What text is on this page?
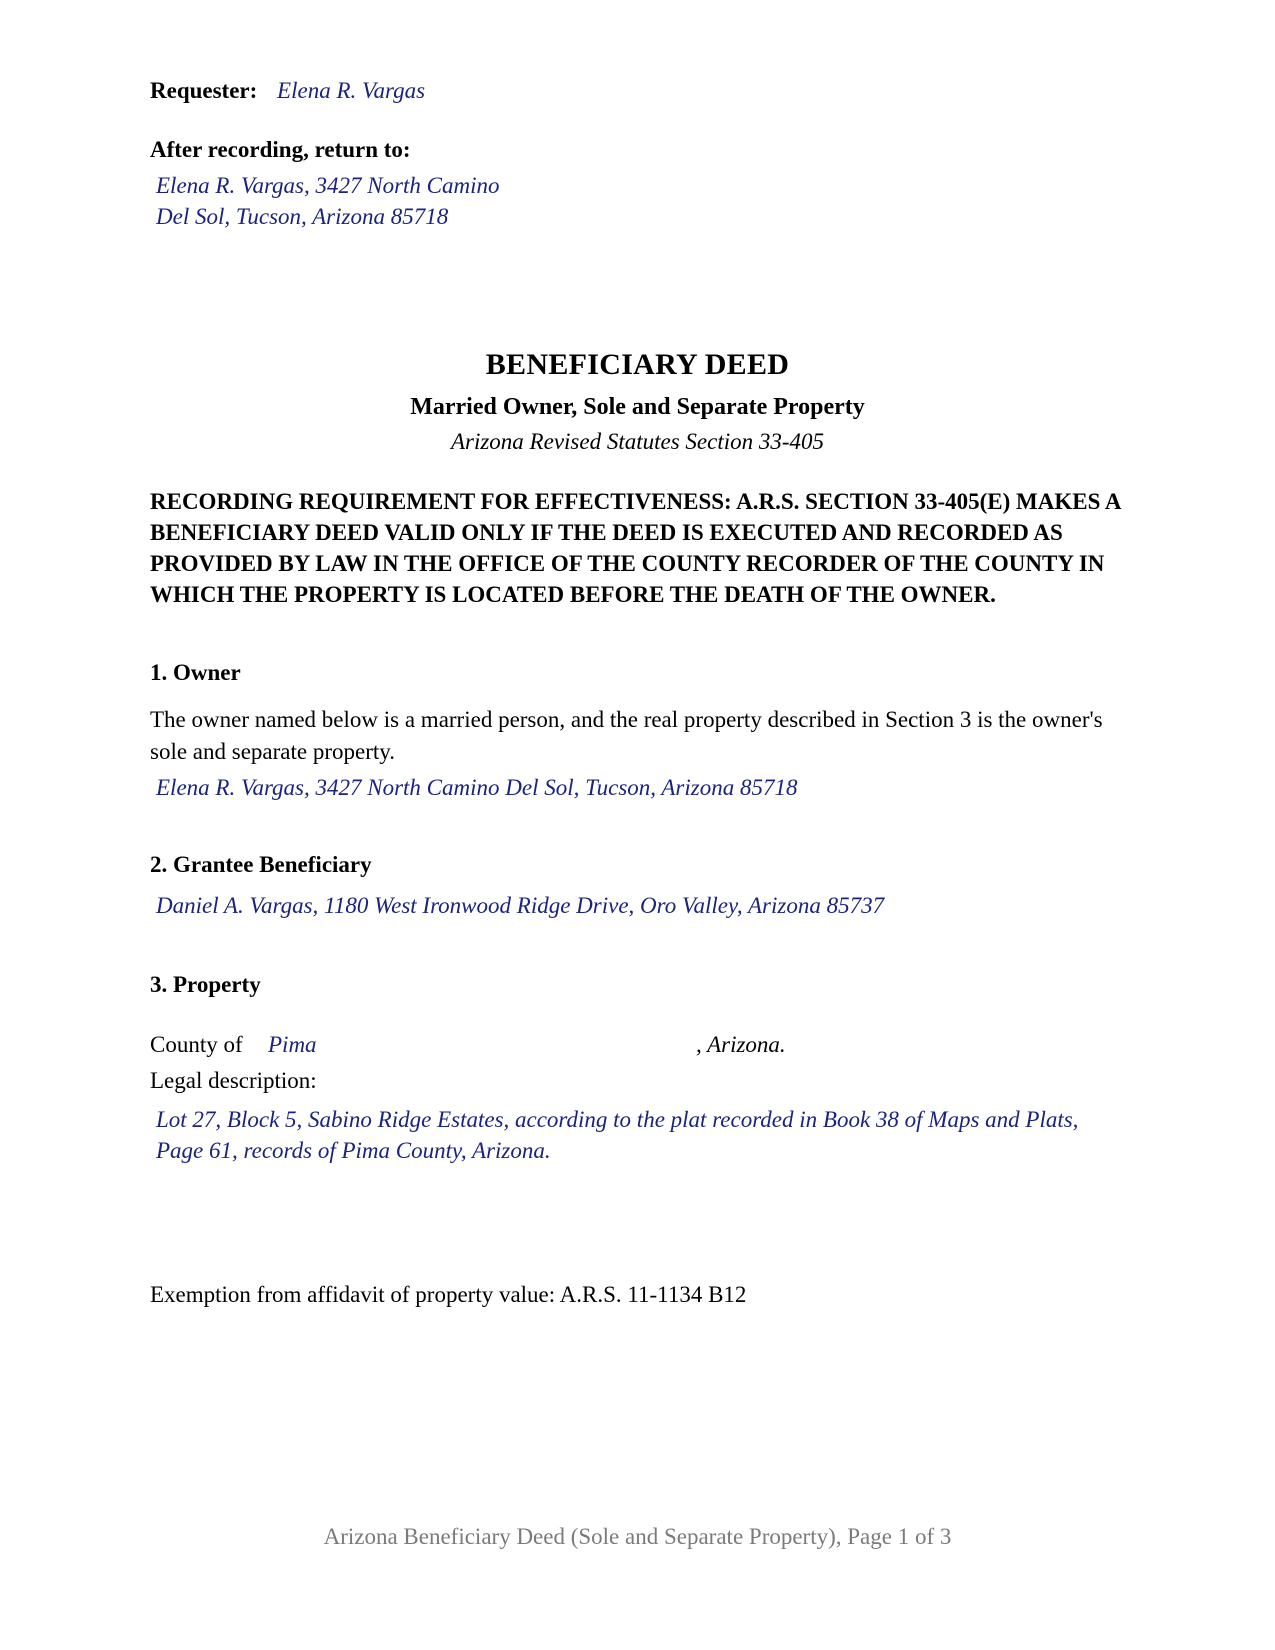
Requester: Elena R. Vargas
After recording, return to:
Elena R. Vargas, 3427 North Camino Del Sol, Tucson, Arizona 85718
BENEFICIARY DEED
Married Owner, Sole and Separate Property
Arizona Revised Statutes Section 33-405
RECORDING REQUIREMENT FOR EFFECTIVENESS: A.R.S. SECTION 33-405(E) MAKES A BENEFICIARY DEED VALID ONLY IF THE DEED IS EXECUTED AND RECORDED AS PROVIDED BY LAW IN THE OFFICE OF THE COUNTY RECORDER OF THE COUNTY IN WHICH THE PROPERTY IS LOCATED BEFORE THE DEATH OF THE OWNER.
1. Owner
The owner named below is a married person, and the real property described in Section 3 is the owner's sole and separate property.
Elena R. Vargas, 3427 North Camino Del Sol, Tucson, Arizona 85718
2. Grantee Beneficiary
Daniel A. Vargas, 1180 West Ironwood Ridge Drive, Oro Valley, Arizona 85737
3. Property
County of Pima	, Arizona.
Legal description:
Lot 27, Block 5, Sabino Ridge Estates, according to the plat recorded in Book 38 of Maps and Plats, Page 61, records of Pima County, Arizona.
Exemption from affidavit of property value: A.R.S. 11-1134 B12
Arizona Beneficiary Deed (Sole and Separate Property), Page 1 of 3
